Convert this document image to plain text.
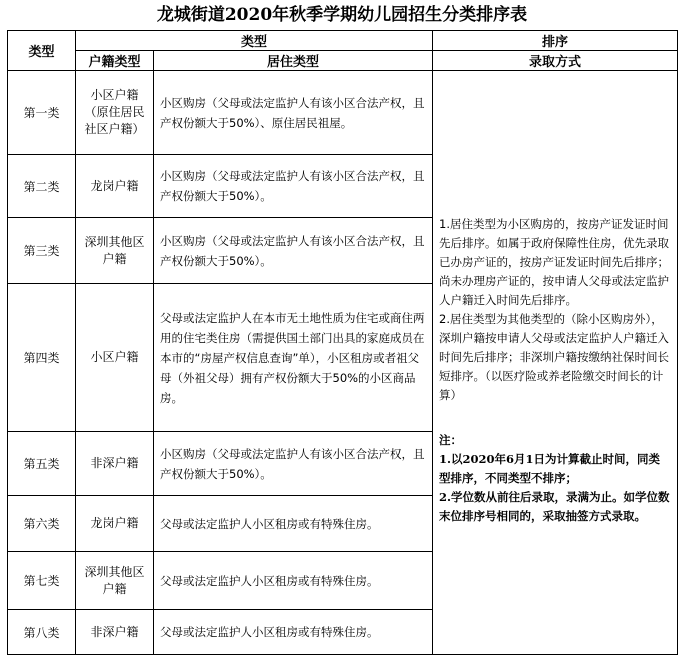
龙城街道2020年秋季学期幼儿园招生分类排序表
类型	类型		排序
	户籍类型	居住类型	录取方式
第一类	小区户籍（原住居民社区户籍）	小区购房（父母或法定监护人有该小区合法产权，且产权份额大于50%）、原住居民祖屋。	1.居住类型为小区购房的，按房产证发证时间先后排序。如属于政府保障性住房，优先录取已办房产证的，按房产证发证时间先后排序；尚未办理房产证的，按申请人父母或法定监护人户籍迁入时间先后排序。
2.居住类型为其他类型的（除小区购房外），深圳户籍按申请人父母或法定监护人户籍迁入时间先后排序；非深圳户籍按缴纳社保时间长短排序。（以医疗险或养老险缴交时间长的计算）
注：
1.以2020年6月1日为计算截止时间，同类型排序，不同类型不排序；
2.学位数从前往后录取，录满为止。如学位数末位排序号相同的，采取抽签方式录取。

第二类	龙岗户籍	小区购房（父母或法定监护人有该小区合法产权，且产权份额大于50%）。	
第三类	深圳其他区户籍	小区购房（父母或法定监护人有该小区合法产权，且产权份额大于50%）。	
第四类	小区户籍	父母或法定监护人在本市无土地性质为住宅或商住两用的住宅类住房（需提供国土部门出具的家庭成员在本市的“房屋产权信息查询”单），小区租房或者祖父母（外祖父母）拥有产权份额大于50%的小区商品房。	
第五类	非深户籍	小区购房（父母或法定监护人有该小区合法产权，且产权份额大于50%）。	
第六类	龙岗户籍	父母或法定监护人小区租房或有特殊住房。	
第七类	深圳其他区户籍	父母或法定监护人小区租房或有特殊住房。	
第八类	非深户籍	父母或法定监护人小区租房或有特殊住房。	
